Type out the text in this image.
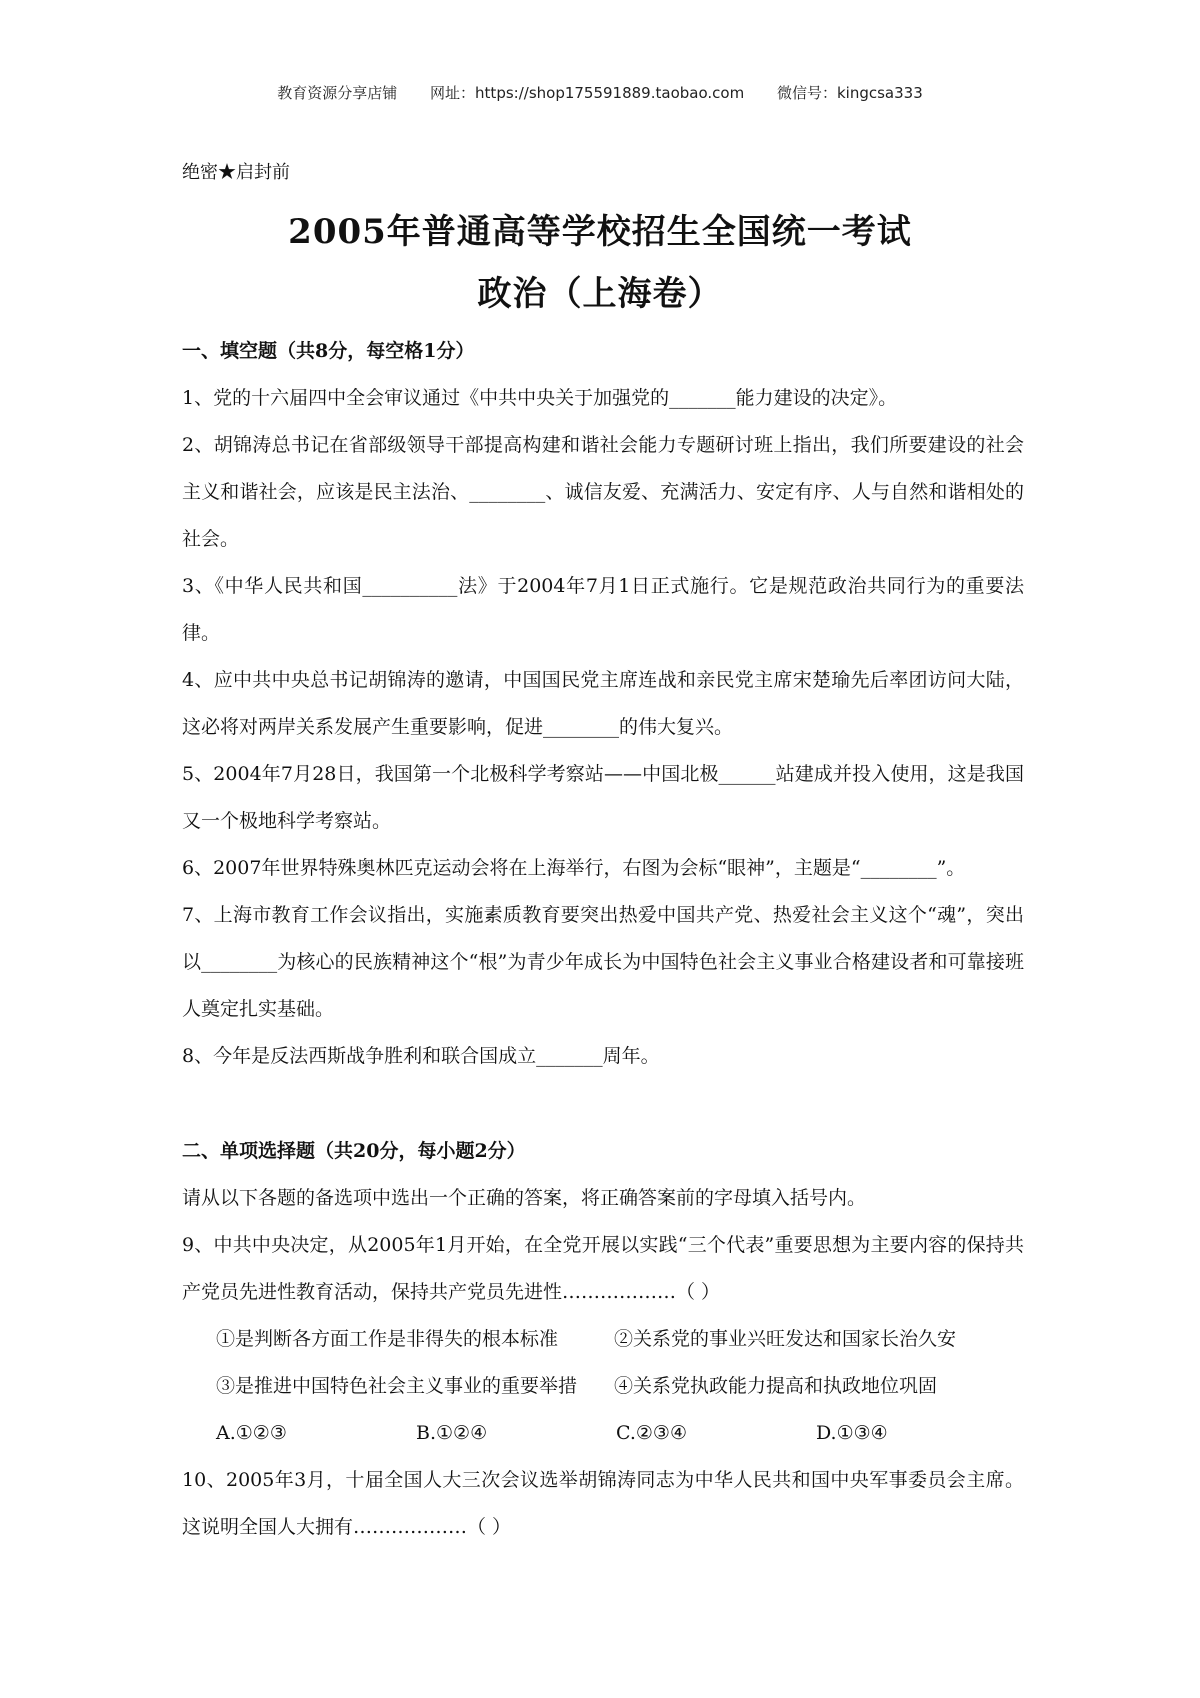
教育资源分享店铺 网址：https://shop175591889.taobao.com 微信号：kingcsa333
绝密★启封前
2005年普通高等学校招生全国统一考试
政治（上海卷）

一、填空题（共8分，每空格1分）

1、党的十六届四中全会审议通过《中共中央关于加强党的_______能力建设的决定》。

2、胡锦涛总书记在省部级领导干部提高构建和谐社会能力专题研讨班上指出，我们所要建设的社会主义和谐社会，应该是民主法治、________、诚信友爱、充满活力、安定有序、人与自然和谐相处的社会。

3、《中华人民共和国__________法》于2004年7月1日正式施行。它是规范政治共同行为的重要法律。

4、应中共中央总书记胡锦涛的邀请，中国国民党主席连战和亲民党主席宋楚瑜先后率团访问大陆，这必将对两岸关系发展产生重要影响，促进________的伟大复兴。

5、2004年7月28日，我国第一个北极科学考察站——中国北极______站建成并投入使用，这是我国又一个极地科学考察站。

6、2007年世界特殊奥林匹克运动会将在上海举行，右图为会标“眼神”，主题是“________”。

7、上海市教育工作会议指出，实施素质教育要突出热爱中国共产党、热爱社会主义这个“魂”，突出以________为核心的民族精神这个“根”为青少年成长为中国特色社会主义事业合格建设者和可靠接班人奠定扎实基础。

8、今年是反法西斯战争胜利和联合国成立_______周年。

二、单项选择题（共20分，每小题2分）

请从以下各题的备选项中选出一个正确的答案，将正确答案前的字母填入括号内。

9、中共中央决定，从2005年1月开始，在全党开展以实践“三个代表”重要思想为主要内容的保持共产党员先进性教育活动，保持共产党员先进性………………（ ）

①是判断各方面工作是非得失的根本标准	②关系党的事业兴旺发达和国家长治久安
③是推进中国特色社会主义事业的重要举措	④关系党执政能力提高和执政地位巩固
A.①②③	B.①②④	C.②③④	D.①③④

10、2005年3月，十届全国人大三次会议选举胡锦涛同志为中华人民共和国中央军事委员会主席。这说明全国人大拥有………………（ ）
